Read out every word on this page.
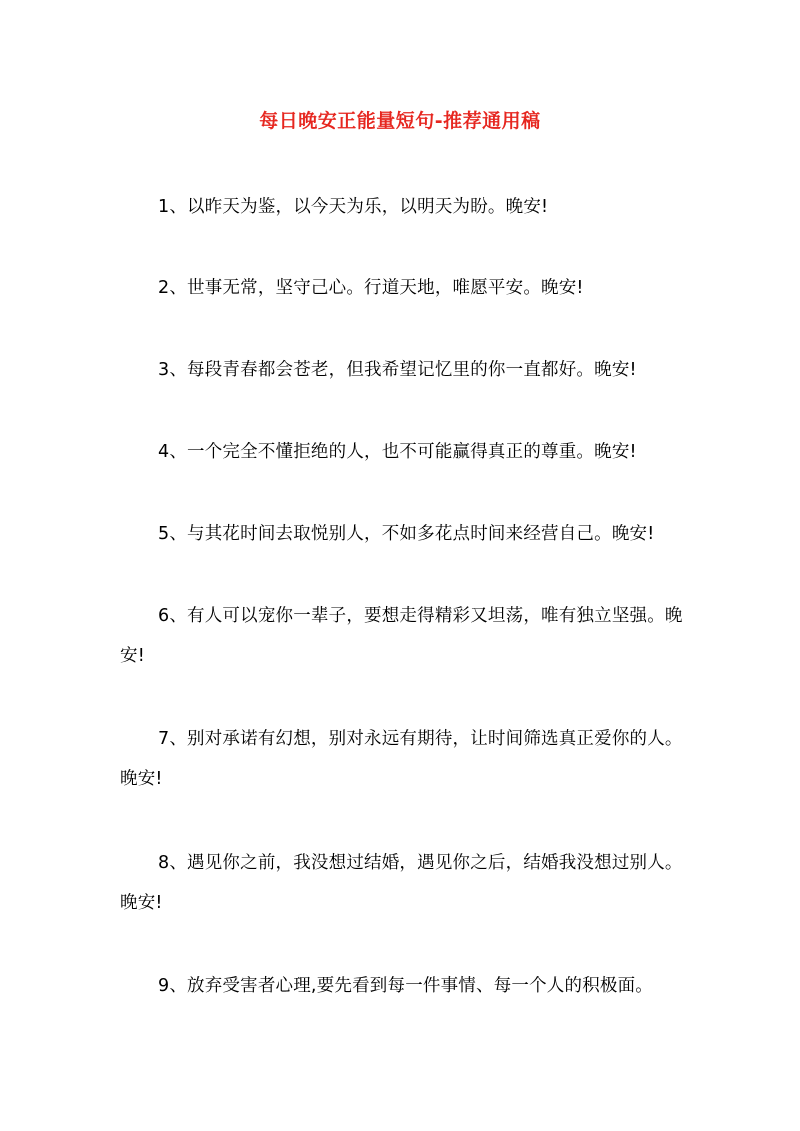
每日晚安正能量短句-推荐通用稿
1、以昨天为鉴，以今天为乐，以明天为盼。晚安!
2、世事无常，坚守己心。行道天地，唯愿平安。晚安!
3、每段青春都会苍老，但我希望记忆里的你一直都好。晚安!
4、一个完全不懂拒绝的人，也不可能赢得真正的尊重。晚安!
5、与其花时间去取悦别人，不如多花点时间来经营自己。晚安!
6、有人可以宠你一辈子，要想走得精彩又坦荡，唯有独立坚强。晚安!
7、别对承诺有幻想，别对永远有期待，让时间筛选真正爱你的人。晚安!
8、遇见你之前，我没想过结婚，遇见你之后，结婚我没想过别人。晚安!
9、放弃受害者心理,要先看到每一件事情、每一个人的积极面。
